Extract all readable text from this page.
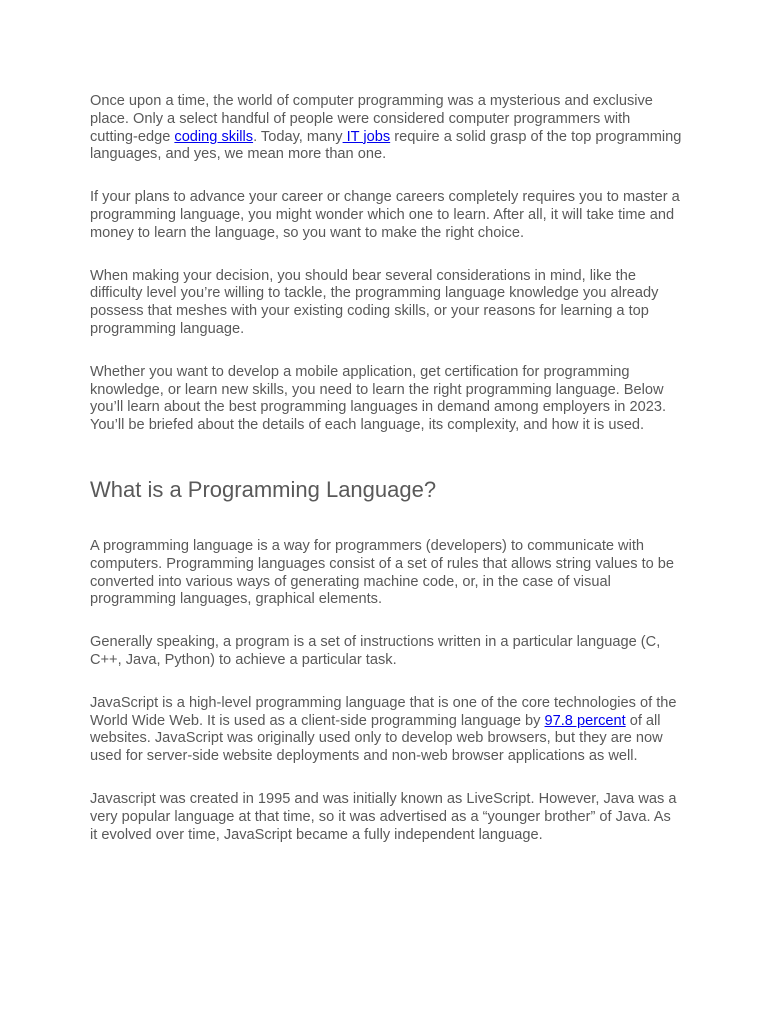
Once upon a time, the world of computer programming was a mysterious and exclusive place. Only a select handful of people were considered computer programmers with cutting-edge coding skills. Today, many IT jobs require a solid grasp of the top programming languages, and yes, we mean more than one.

If your plans to advance your career or change careers completely requires you to master a programming language, you might wonder which one to learn. After all, it will take time and money to learn the language, so you want to make the right choice.

When making your decision, you should bear several considerations in mind, like the difficulty level you’re willing to tackle, the programming language knowledge you already possess that meshes with your existing coding skills, or your reasons for learning a top programming language.

Whether you want to develop a mobile application, get certification for programming knowledge, or learn new skills, you need to learn the right programming language. Below you’ll learn about the best programming languages in demand among employers in 2023. You’ll be briefed about the details of each language, its complexity, and how it is used.

What is a Programming Language?

A programming language is a way for programmers (developers) to communicate with computers. Programming languages consist of a set of rules that allows string values to be converted into various ways of generating machine code, or, in the case of visual programming languages, graphical elements.

Generally speaking, a program is a set of instructions written in a particular language (C, C++, Java, Python) to achieve a particular task.

JavaScript is a high-level programming language that is one of the core technologies of the World Wide Web. It is used as a client-side programming language by 97.8 percent of all websites. JavaScript was originally used only to develop web browsers, but they are now used for server-side website deployments and non-web browser applications as well.

Javascript was created in 1995 and was initially known as LiveScript. However, Java was a very popular language at that time, so it was advertised as a “younger brother” of Java. As it evolved over time, JavaScript became a fully independent language.
